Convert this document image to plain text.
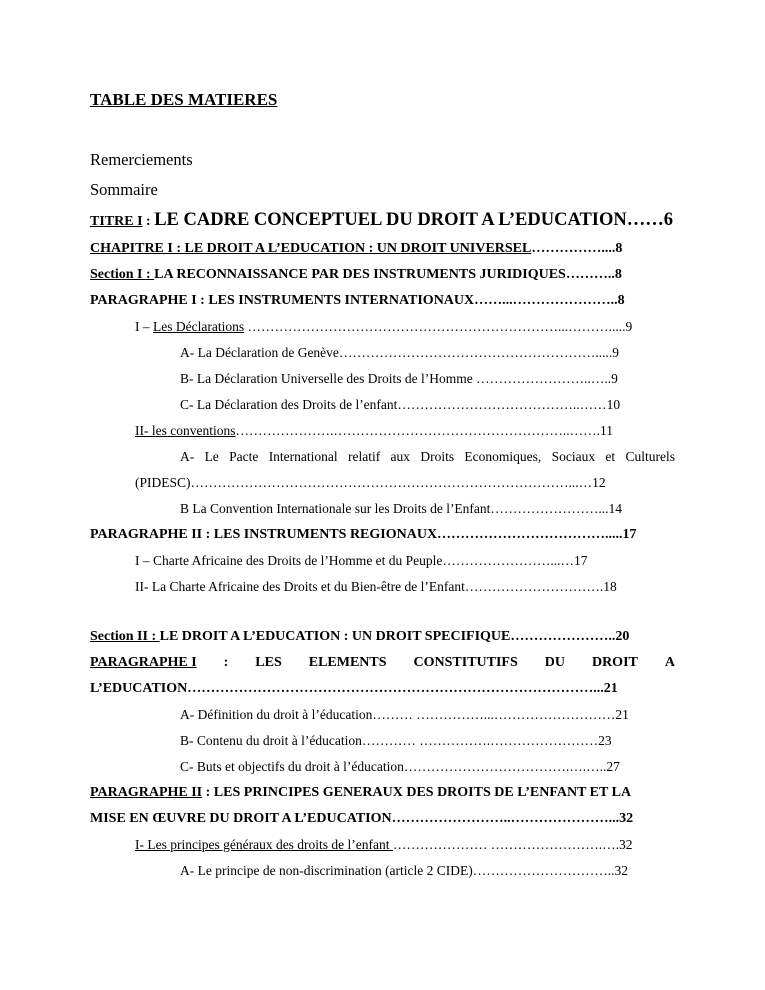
TABLE DES MATIERES
Remerciements
Sommaire
TITRE I : LE CADRE CONCEPTUEL DU DROIT A L’EDUCATION……6
CHAPITRE I : LE DROIT A L’EDUCATION : UN DROIT UNIVERSEL……………....8
Section I : LA RECONNAISSANCE PAR DES INSTRUMENTS JURIDIQUES………..8
PARAGRAPHE I : LES INSTRUMENTS INTERNATIONAUX……...…………………..8
I – Les Déclarations ……………………………………………………………...……….....9
A- La Déclaration de Genève………………………………………………….....9
B- La Déclaration Universelle des Droits de l’Homme ……………………..…..9
C- La Déclaration des Droits de l’enfant…………………………………..……10
II- les conventions………………….……………………………………………..…….11
A- Le Pacte International relatif aux Droits Economiques, Sociaux et Culturels
(PIDESC)…………………………………………………………………………...…12
B La Convention Internationale sur les Droits de l’Enfant……………………...14
PARAGRAPHE II : LES INSTRUMENTS REGIONAUX……………………………….....17
I – Charte Africaine des Droits de l’Homme et du Peuple……………………...…17
II- La Charte Africaine des Droits et du Bien-être de l’Enfant………………………….18
Section II : LE DROIT A L’EDUCATION : UN DROIT SPECIFIQUE…………………..20
PARAGRAPHE I : LES ELEMENTS CONSTITUTIFS DU DROIT A
L’EDUCATION……………………………………………………………………………...21
A- Définition du droit à l’éducation……… ……………...………………………21
B- Contenu du droit à l’éducation………… …………….……………………23
C- Buts et objectifs du droit à l’éducation……………………………….….…..27
PARAGRAPHE II : LES PRINCIPES GENERAUX DES DROITS DE L’ENFANT ET LA
MISE EN ŒUVRE DU DROIT A L’EDUCATION……………………..…………………...32
I- Les principes généraux des droits de l’enfant ………………… …………………….….32
A- Le principe de non-discrimination (article 2 CIDE)…………………………..32
